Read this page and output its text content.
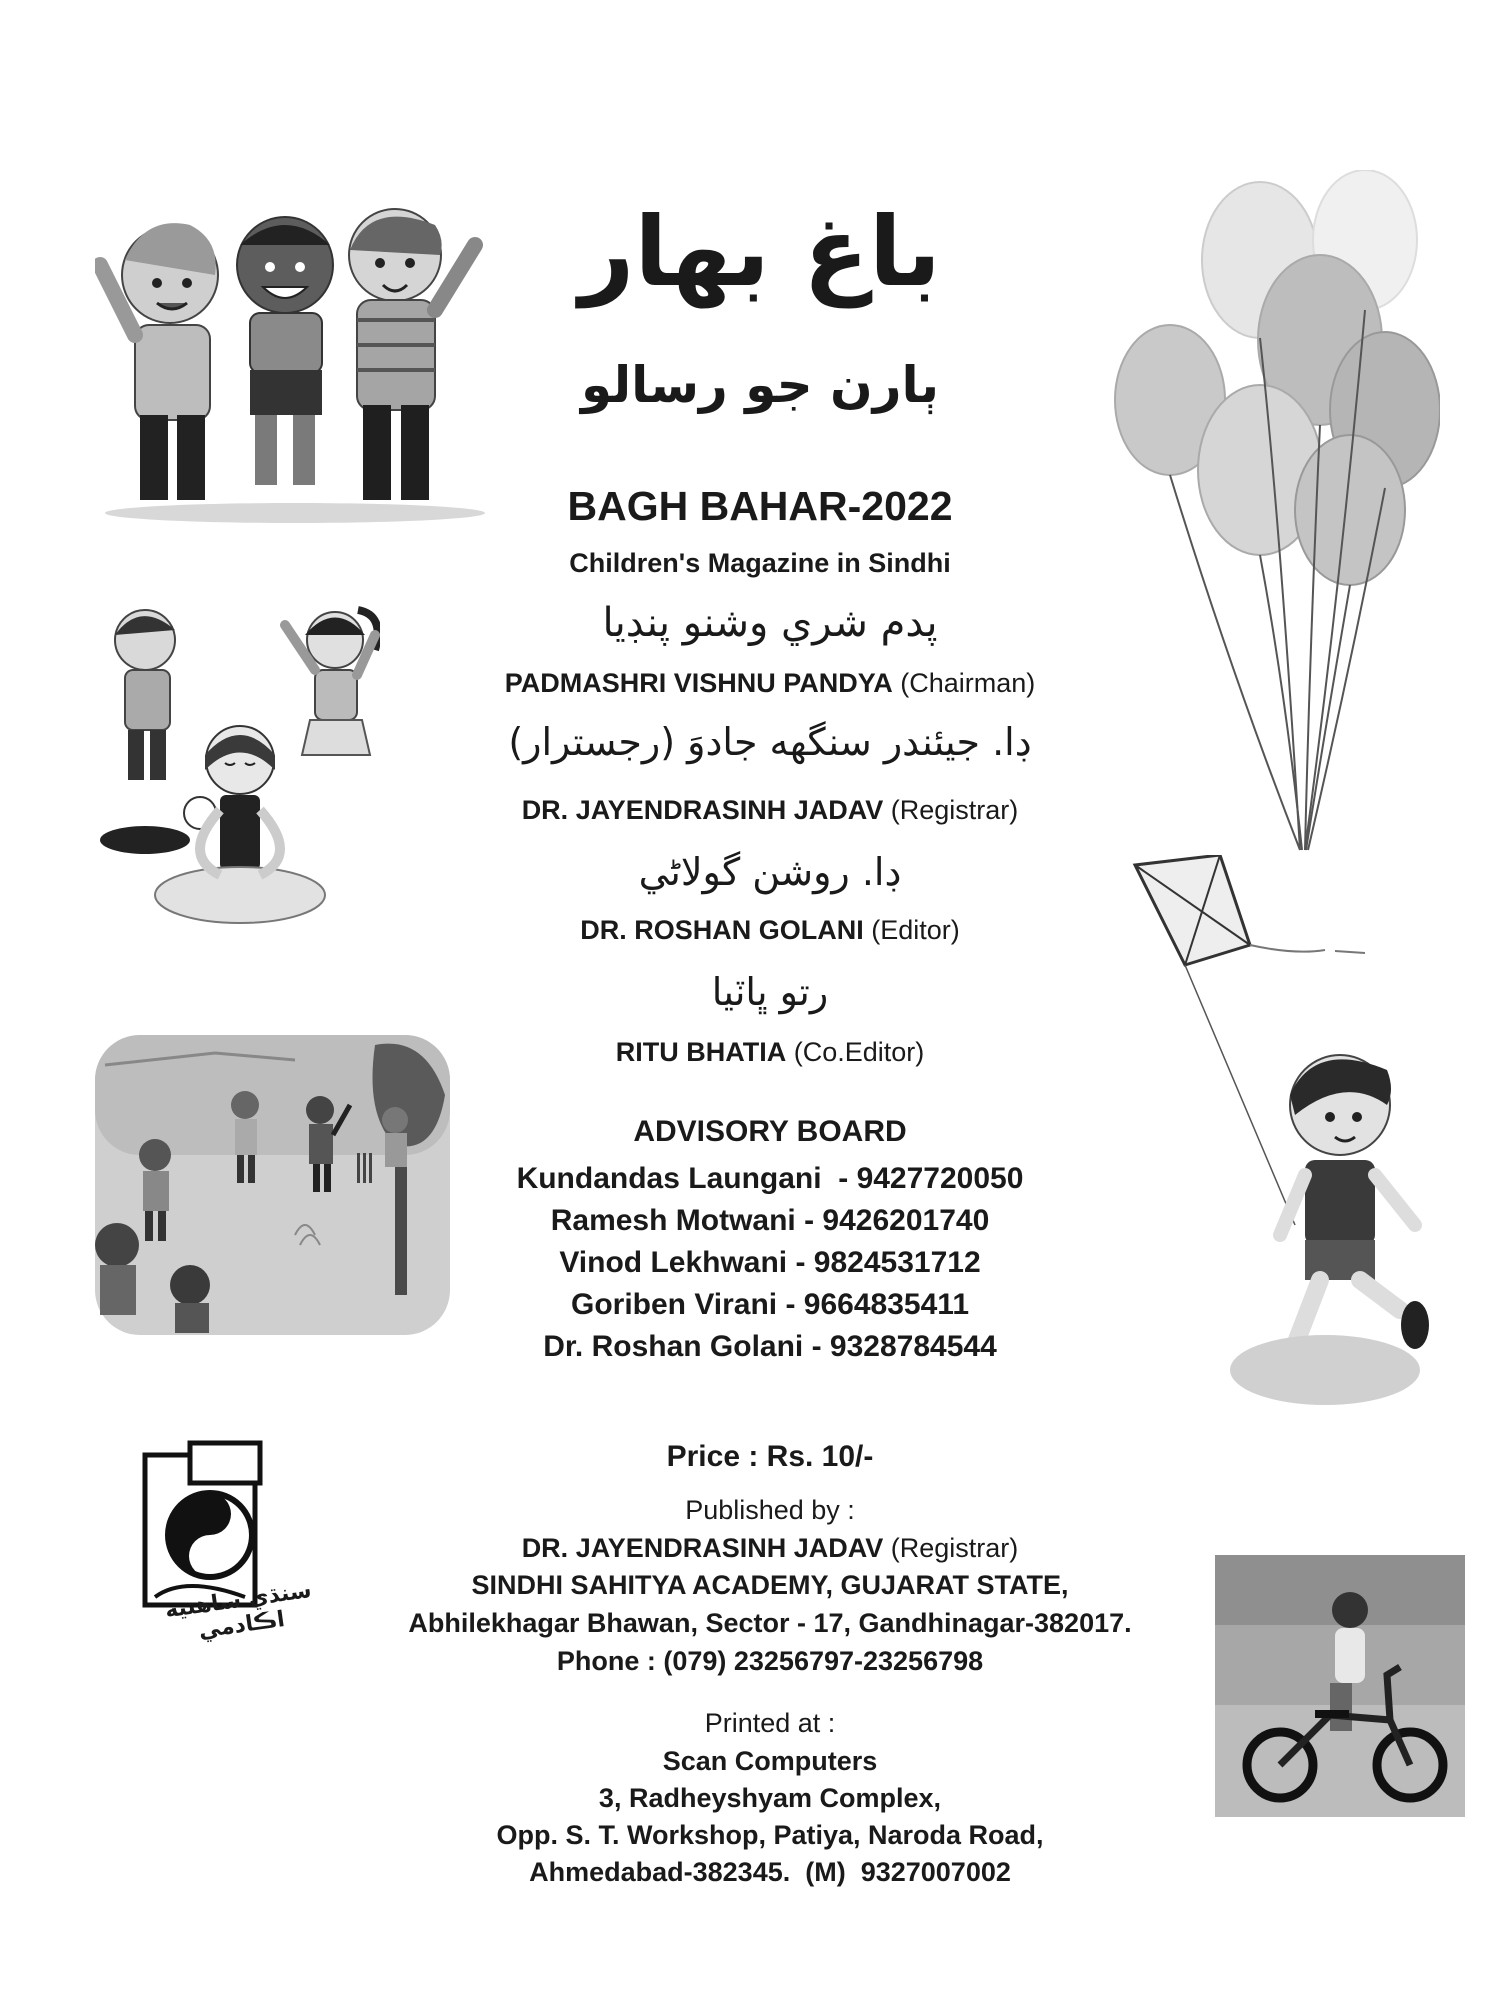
سنڌي ساهتيه اڪادمي
باغ بهار
ٻارن جو رسالو
BAGH BAHAR-2022
Children's Magazine in Sindhi
پدم شري وشنو پنڊيا
PADMASHRI VISHNU PANDYA (Chairman)
ڊا. جيئندر سنگهه جادوَ (رجسترار)
DR. JAYENDRASINH JADAV (Registrar)
ڊا. روشن گولاڻي
DR. ROSHAN GOLANI (Editor)
رتو ڀاٽيا
RITU BHATIA (Co.Editor)
ADVISORY BOARD
Kundandas Laungani  - 9427720050
Ramesh Motwani - 9426201740
Vinod Lekhwani - 9824531712
Goriben Virani - 9664835411
Dr. Roshan Golani - 9328784544
Price : Rs. 10/-
Published by :
DR. JAYENDRASINH JADAV (Registrar)
SINDHI SAHITYA ACADEMY, GUJARAT STATE,
Abhilekhagar Bhawan, Sector - 17, Gandhinagar-382017.
Phone : (079) 23256797-23256798
Printed at :
Scan Computers
3, Radheyshyam Complex,
Opp. S. T. Workshop, Patiya, Naroda Road,
Ahmedabad-382345.  (M)  9327007002
